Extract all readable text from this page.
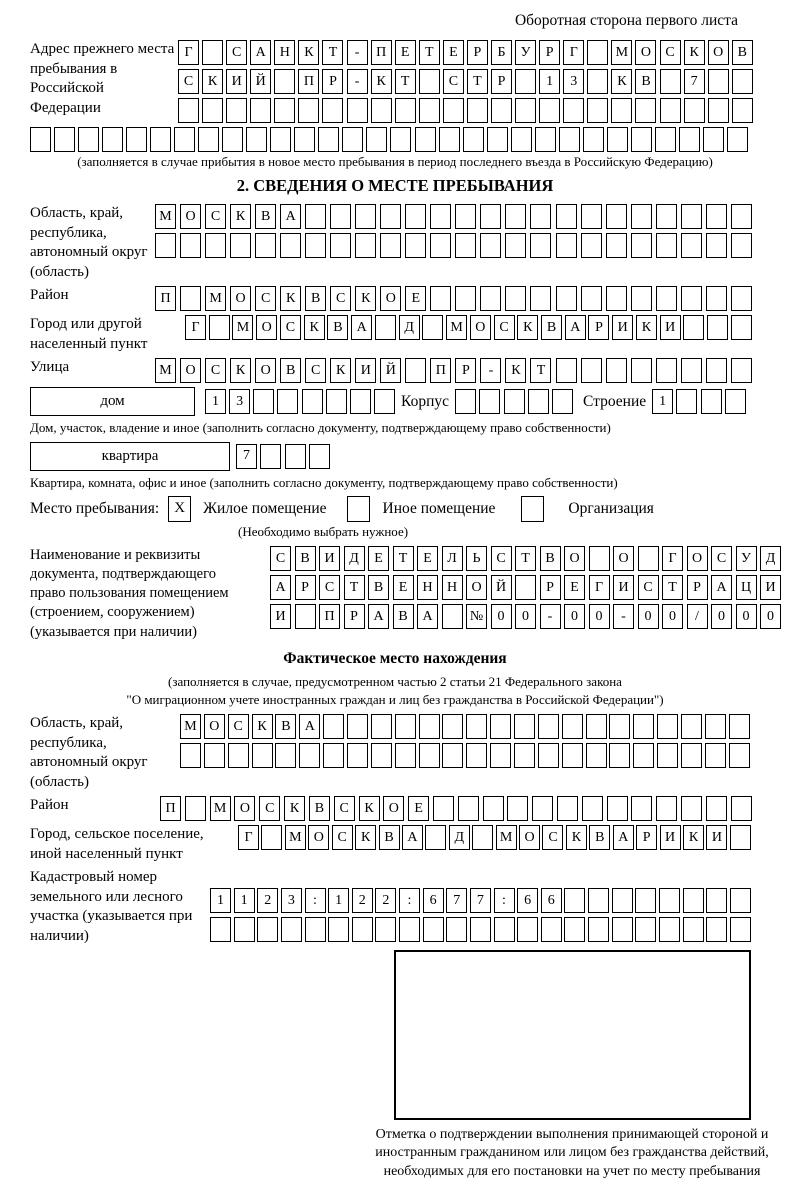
Оборотная сторона первого листа
Адрес прежнего места пребывания в Российской Федерации
Г	С	А Н	К	Т	-	П	Е	Т	Е	Р	Б	У	Р	Г	М О	С	К	О	В
С	К	И Й	П	Р	-	К	Т	С	Т	Р	1	3	К	В	7
(заполняется в случае прибытия в новое место пребывания в период последнего въезда в Российскую Федерацию)
2. СВЕДЕНИЯ О МЕСТЕ ПРЕБЫВАНИЯ
Область, край, республика, автономный округ (область)
М О	С	К	В	А
Район	П	М О	С	К	В	С	К	О	Е
Город или другой населенный пункт
Г	М О	С	К	В	А	Д	М О	С	К	В	А	Р	И	К	И
Улица	М О	С	К	О	В	С	К	И	Й	П	Р	-	К	Т
дом	1	3	Корпус	Строение 1
Дом, участок, владение и иное (заполнить согласно документу, подтверждающему право собственности)
квартира	7
Квартира, комната, офис и иное (заполнить согласно документу, подтверждающему право собственности)
Место пребывания:	X	Жилое помещение	Иное помещение	Организация
(Необходимо выбрать нужное)
Наименование и реквизиты документа, подтверждающего право пользования помещением (строением, сооружением) (указывается при наличии)
С	В	И	Д	Е	Т	Е	Л	Ь	С	Т	В	О	О	Г	О	С	У	Д
А	Р	С	Т	В	Е	Н	Н	О	Й	Р	Е	Г	И	С	Т	Р	А	Ц	И
И	П	Р	А	В	А	№	0	0	-	0	0	-	0	0	/	0	0	0
Фактическое место нахождения
(заполняется в случае, предусмотренном частью 2 статьи 21 Федерального закона
"О миграционном учете иностранных граждан и лиц без гражданства в Российской Федерации")
Область, край, республика, автономный округ (область)
М О	С	К	В	А
Район	П	М О	С	К	В	С	К	О	Е
Город, сельское поселение, иной населенный пункт
Г	М О С	К	В А	Д	М О С	К	В А	Р	И К И
Кадастровый номер земельного или лесного участка (указывается при наличии)
1	1	2	3	:	1	2	2	:	6	7	7	:	6	6
Отметка о подтверждении выполнения принимающей стороной и иностранным гражданином или лицом без гражданства действий, необходимых для его постановки на учет по месту пребывания
